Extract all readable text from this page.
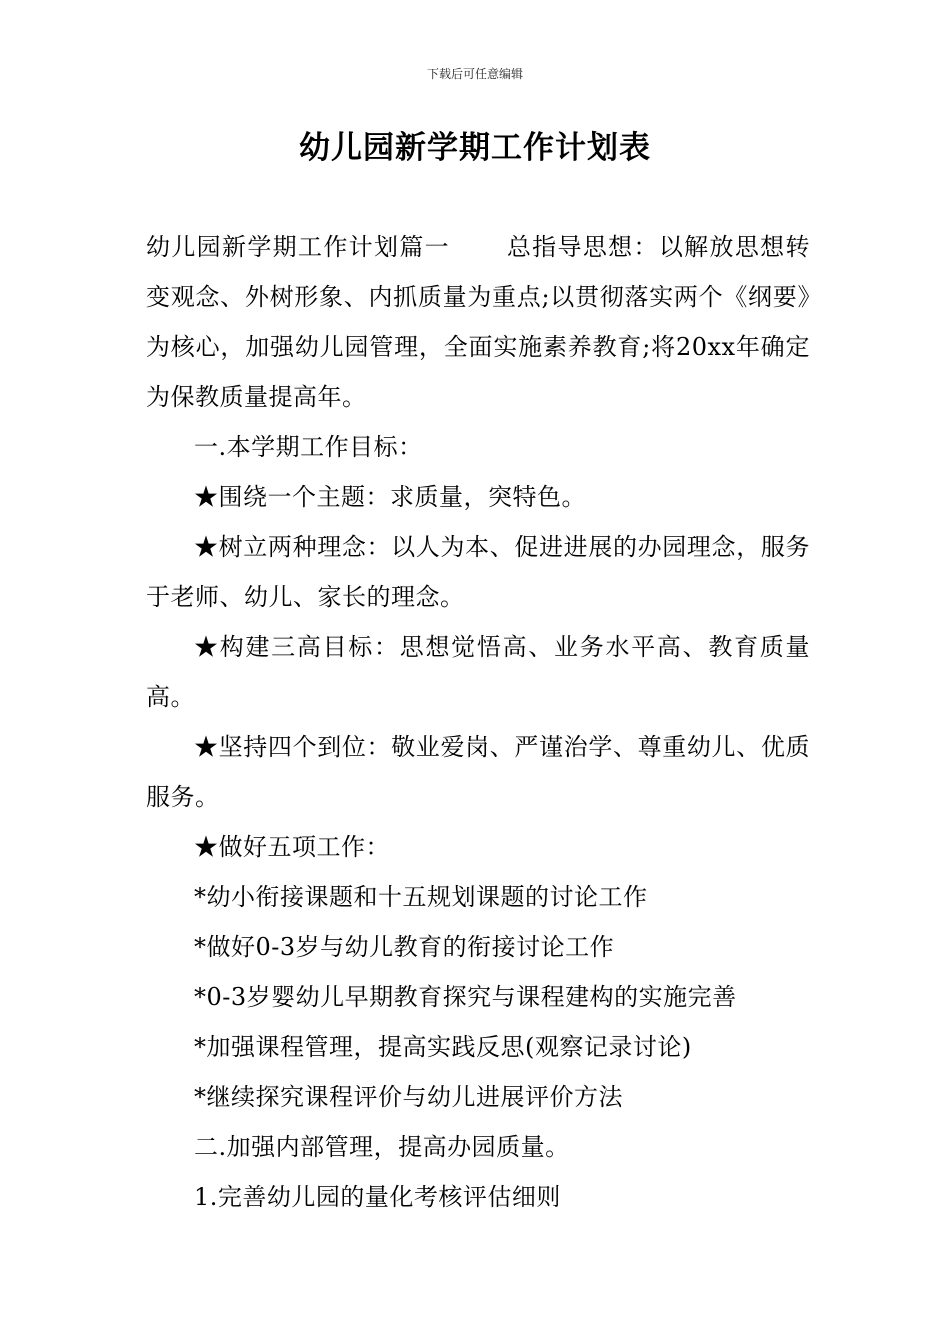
下载后可任意编辑
幼儿园新学期工作计划表

幼儿园新学期工作计划篇一 总指导思想：以解放思想转变观念、外树形象、内抓质量为重点;以贯彻落实两个《纲要》为核心，加强幼儿园管理，全面实施素养教育;将20xx年确定为保教质量提高年。

一.本学期工作目标：

★围绕一个主题：求质量，突特色。

★树立两种理念：以人为本、促进进展的办园理念，服务于老师、幼儿、家长的理念。

★构建三高目标：思想觉悟高、业务水平高、教育质量高。

★坚持四个到位：敬业爱岗、严谨治学、尊重幼儿、优质服务。

★做好五项工作：

*幼小衔接课题和十五规划课题的讨论工作

*做好0-3岁与幼儿教育的衔接讨论工作

*0-3岁婴幼儿早期教育探究与课程建构的实施完善

*加强课程管理，提高实践反思(观察记录讨论)

*继续探究课程评价与幼儿进展评价方法

二.加强内部管理，提高办园质量。

1.完善幼儿园的量化考核评估细则
